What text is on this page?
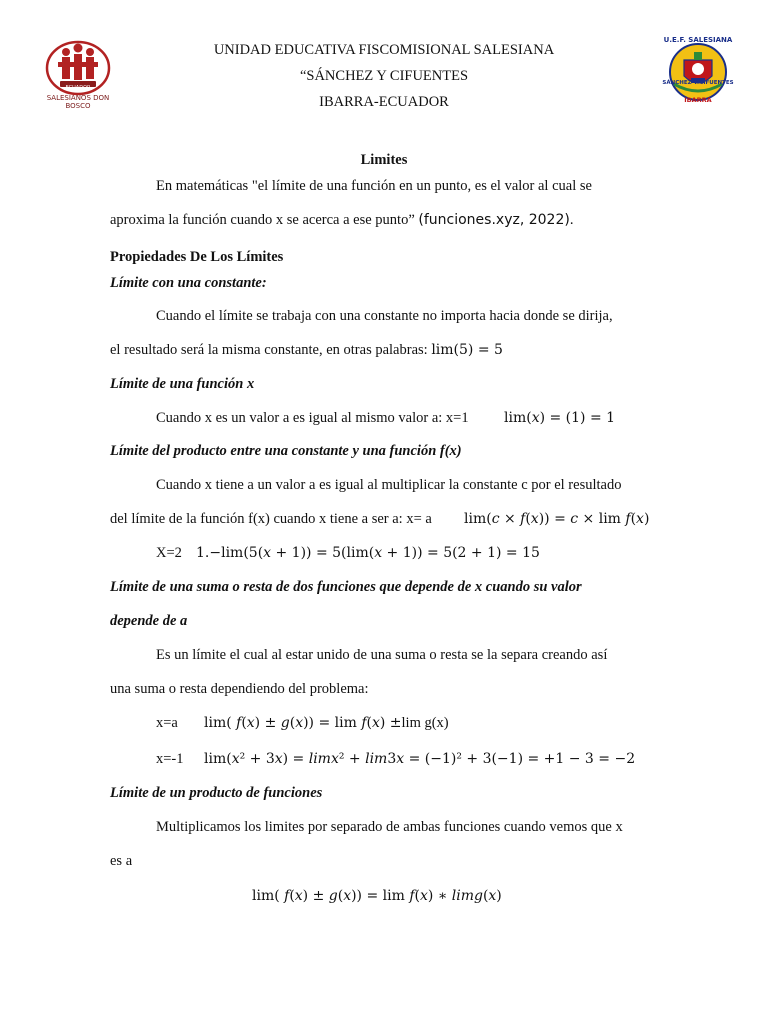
ECUADOR
SALESIANOS DON BOSCO
U.E.F. SALESIANA
SÁNCHEZ Y CIFUENTES
IBARRA
UNIDAD EDUCATIVA FISCOMISIONAL SALESIANA
“SÁNCHEZ Y CIFUENTES
IBARRA-ECUADOR
Limites
En matemáticas "el límite de una función en un punto, es el valor al cual se
aproxima la función cuando x se acerca a ese punto” (funciones.xyz, 2022).
Propiedades De Los Límites
Límite con una constante:
Cuando el límite se trabaja con una constante no importa hacia donde se dirija,
el resultado será la misma constante, en otras palabras: lim(5) = 5
Límite de una función x
Cuando x es un valor a es igual al mismo valor a: x=1	lim(𝑥) = (1) = 1
Límite del producto entre una constante y una función f(x)
Cuando x tiene a un valor a es igual al multiplicar la constante c por el resultado
del límite de la función f(x) cuando x tiene a ser a: x= a lim(𝑐 × 𝑓(𝑥)) = 𝑐 × lim 𝑓(𝑥)
X=2 1.−lim(5(𝑥 + 1)) = 5(lim(𝑥 + 1)) = 5(2 + 1) = 15
Límite de una suma o resta de dos funciones que depende de x cuando su valor
depende de a
Es un límite el cual al estar unido de una suma o resta se la separa creando así
una suma o resta dependiendo del problema:
x=a lim( 𝑓(𝑥) ± 𝑔(𝑥)) = lim 𝑓(𝑥) ±lim g(x)
x=-1 lim(𝑥² + 3𝑥) = 𝑙𝑖𝑚𝑥² + 𝑙𝑖𝑚3𝑥 = (−1)² + 3(−1) = +1 − 3 = −2
Límite de un producto de funciones
Multiplicamos los limites por separado de ambas funciones cuando vemos que x
es a
lim( 𝑓(𝑥) ± 𝑔(𝑥)) = lim 𝑓(𝑥) ∗ 𝑙𝑖𝑚𝑔(𝑥)
